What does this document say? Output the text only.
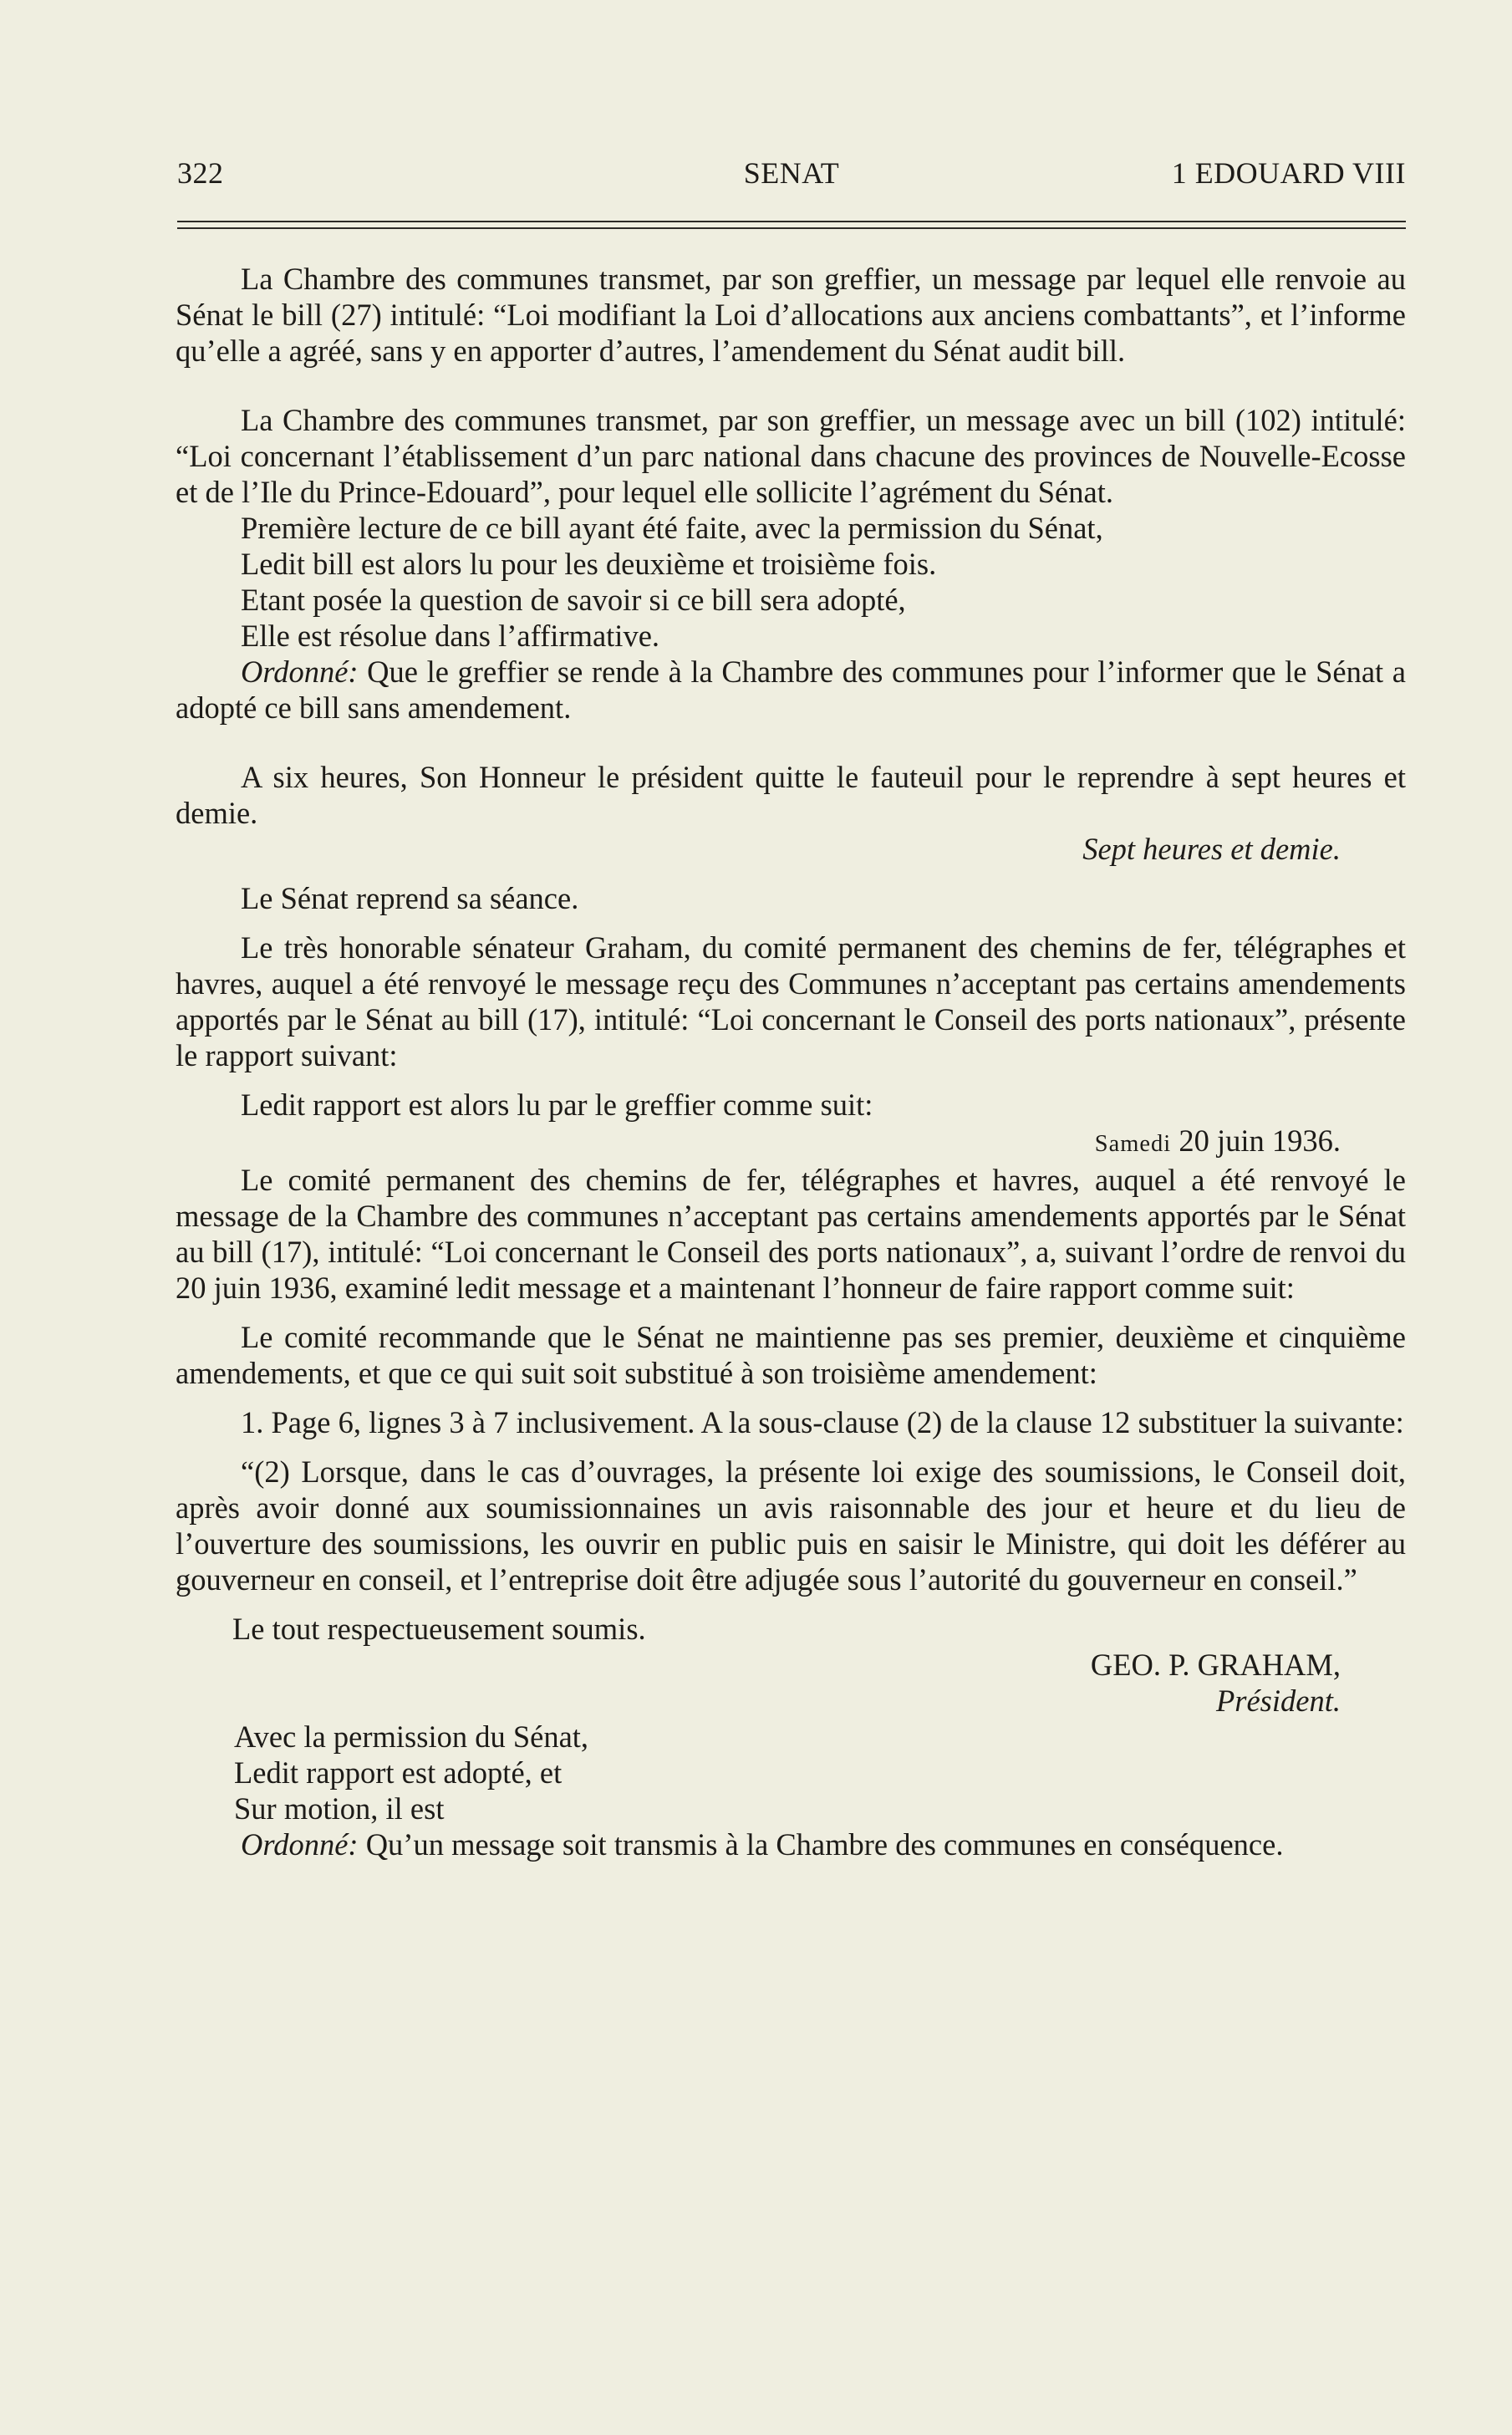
322	SENAT	1 EDOUARD VIII

La Chambre des communes transmet, par son greffier, un message par lequel elle renvoie au Sénat le bill (27) intitulé: “Loi modifiant la Loi d’allocations aux anciens combattants”, et l’informe qu’elle a agréé, sans y en apporter d’autres, l’amendement du Sénat audit bill.

La Chambre des communes transmet, par son greffier, un message avec un bill (102) intitulé: “Loi concernant l’établissement d’un parc national dans chacune des provinces de Nouvelle-Ecosse et de l’Ile du Prince-Edouard”, pour lequel elle sollicite l’agrément du Sénat.

Première lecture de ce bill ayant été faite, avec la permission du Sénat,

Ledit bill est alors lu pour les deuxième et troisième fois.

Etant posée la question de savoir si ce bill sera adopté,

Elle est résolue dans l’affirmative.

Ordonné: Que le greffier se rende à la Chambre des communes pour l’informer que le Sénat a adopté ce bill sans amendement.

A six heures, Son Honneur le président quitte le fauteuil pour le reprendre à sept heures et demie.

Sept heures et demie.

Le Sénat reprend sa séance.

Le très honorable sénateur Graham, du comité permanent des chemins de fer, télégraphes et havres, auquel a été renvoyé le message reçu des Communes n’acceptant pas certains amendements apportés par le Sénat au bill (17), intitulé: “Loi concernant le Conseil des ports nationaux”, présente le rapport suivant:

Ledit rapport est alors lu par le greffier comme suit:

Samedi 20 juin 1936.

Le comité permanent des chemins de fer, télégraphes et havres, auquel a été renvoyé le message de la Chambre des communes n’acceptant pas certains amendements apportés par le Sénat au bill (17), intitulé: “Loi concernant le Conseil des ports nationaux”, a, suivant l’ordre de renvoi du 20 juin 1936, examiné ledit message et a maintenant l’honneur de faire rapport comme suit:

Le comité recommande que le Sénat ne maintienne pas ses premier, deuxième et cinquième amendements, et que ce qui suit soit substitué à son troisième amendement:

1. Page 6, lignes 3 à 7 inclusivement. A la sous-clause (2) de la clause 12 substituer la suivante:

“(2) Lorsque, dans le cas d’ouvrages, la présente loi exige des soumissions, le Conseil doit, après avoir donné aux soumissionnaines un avis raisonnable des jour et heure et du lieu de l’ouverture des soumissions, les ouvrir en public puis en saisir le Ministre, qui doit les déférer au gouverneur en conseil, et l’entreprise doit être adjugée sous l’autorité du gouverneur en conseil.”

Le tout respectueusement soumis.

GEO. P. GRAHAM,

Président.

Avec la permission du Sénat,

Ledit rapport est adopté, et

Sur motion, il est

Ordonné: Qu’un message soit transmis à la Chambre des communes en conséquence.
